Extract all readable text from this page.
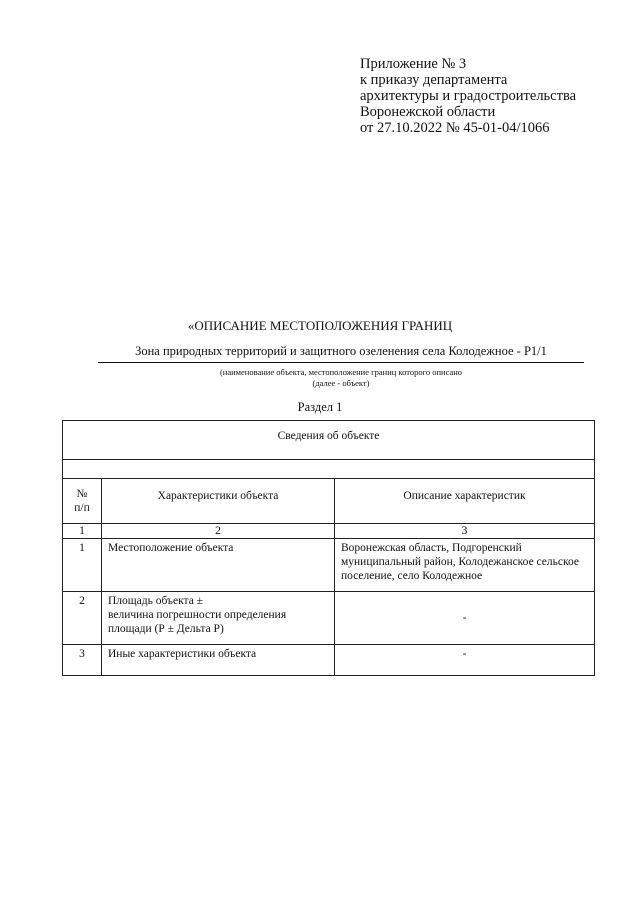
Приложение № 3
к приказу департамента
архитектуры и градостроительства
Воронежской области
от 27.10.2022 № 45-01-04/1066
«ОПИСАНИЕ МЕСТОПОЛОЖЕНИЯ ГРАНИЦ
Зона природных территорий и защитного озеленения села Колодежное - Р1/1
(наименование объекта, местоположение границ которого описано
(далее - объект)
Раздел 1
Сведения об объекте		

№
п/п	Характеристики объекта	Описание характеристик
1	2	3
1	Местоположение объекта	Воронежская область, Подгоренский муниципальный район, Колодежанское сельское поселение, село Колодежное
2	Площадь объекта ±
величина погрешности определения
площади (Р ± Дельта Р)	-
3	Иные характеристики объекта	-
